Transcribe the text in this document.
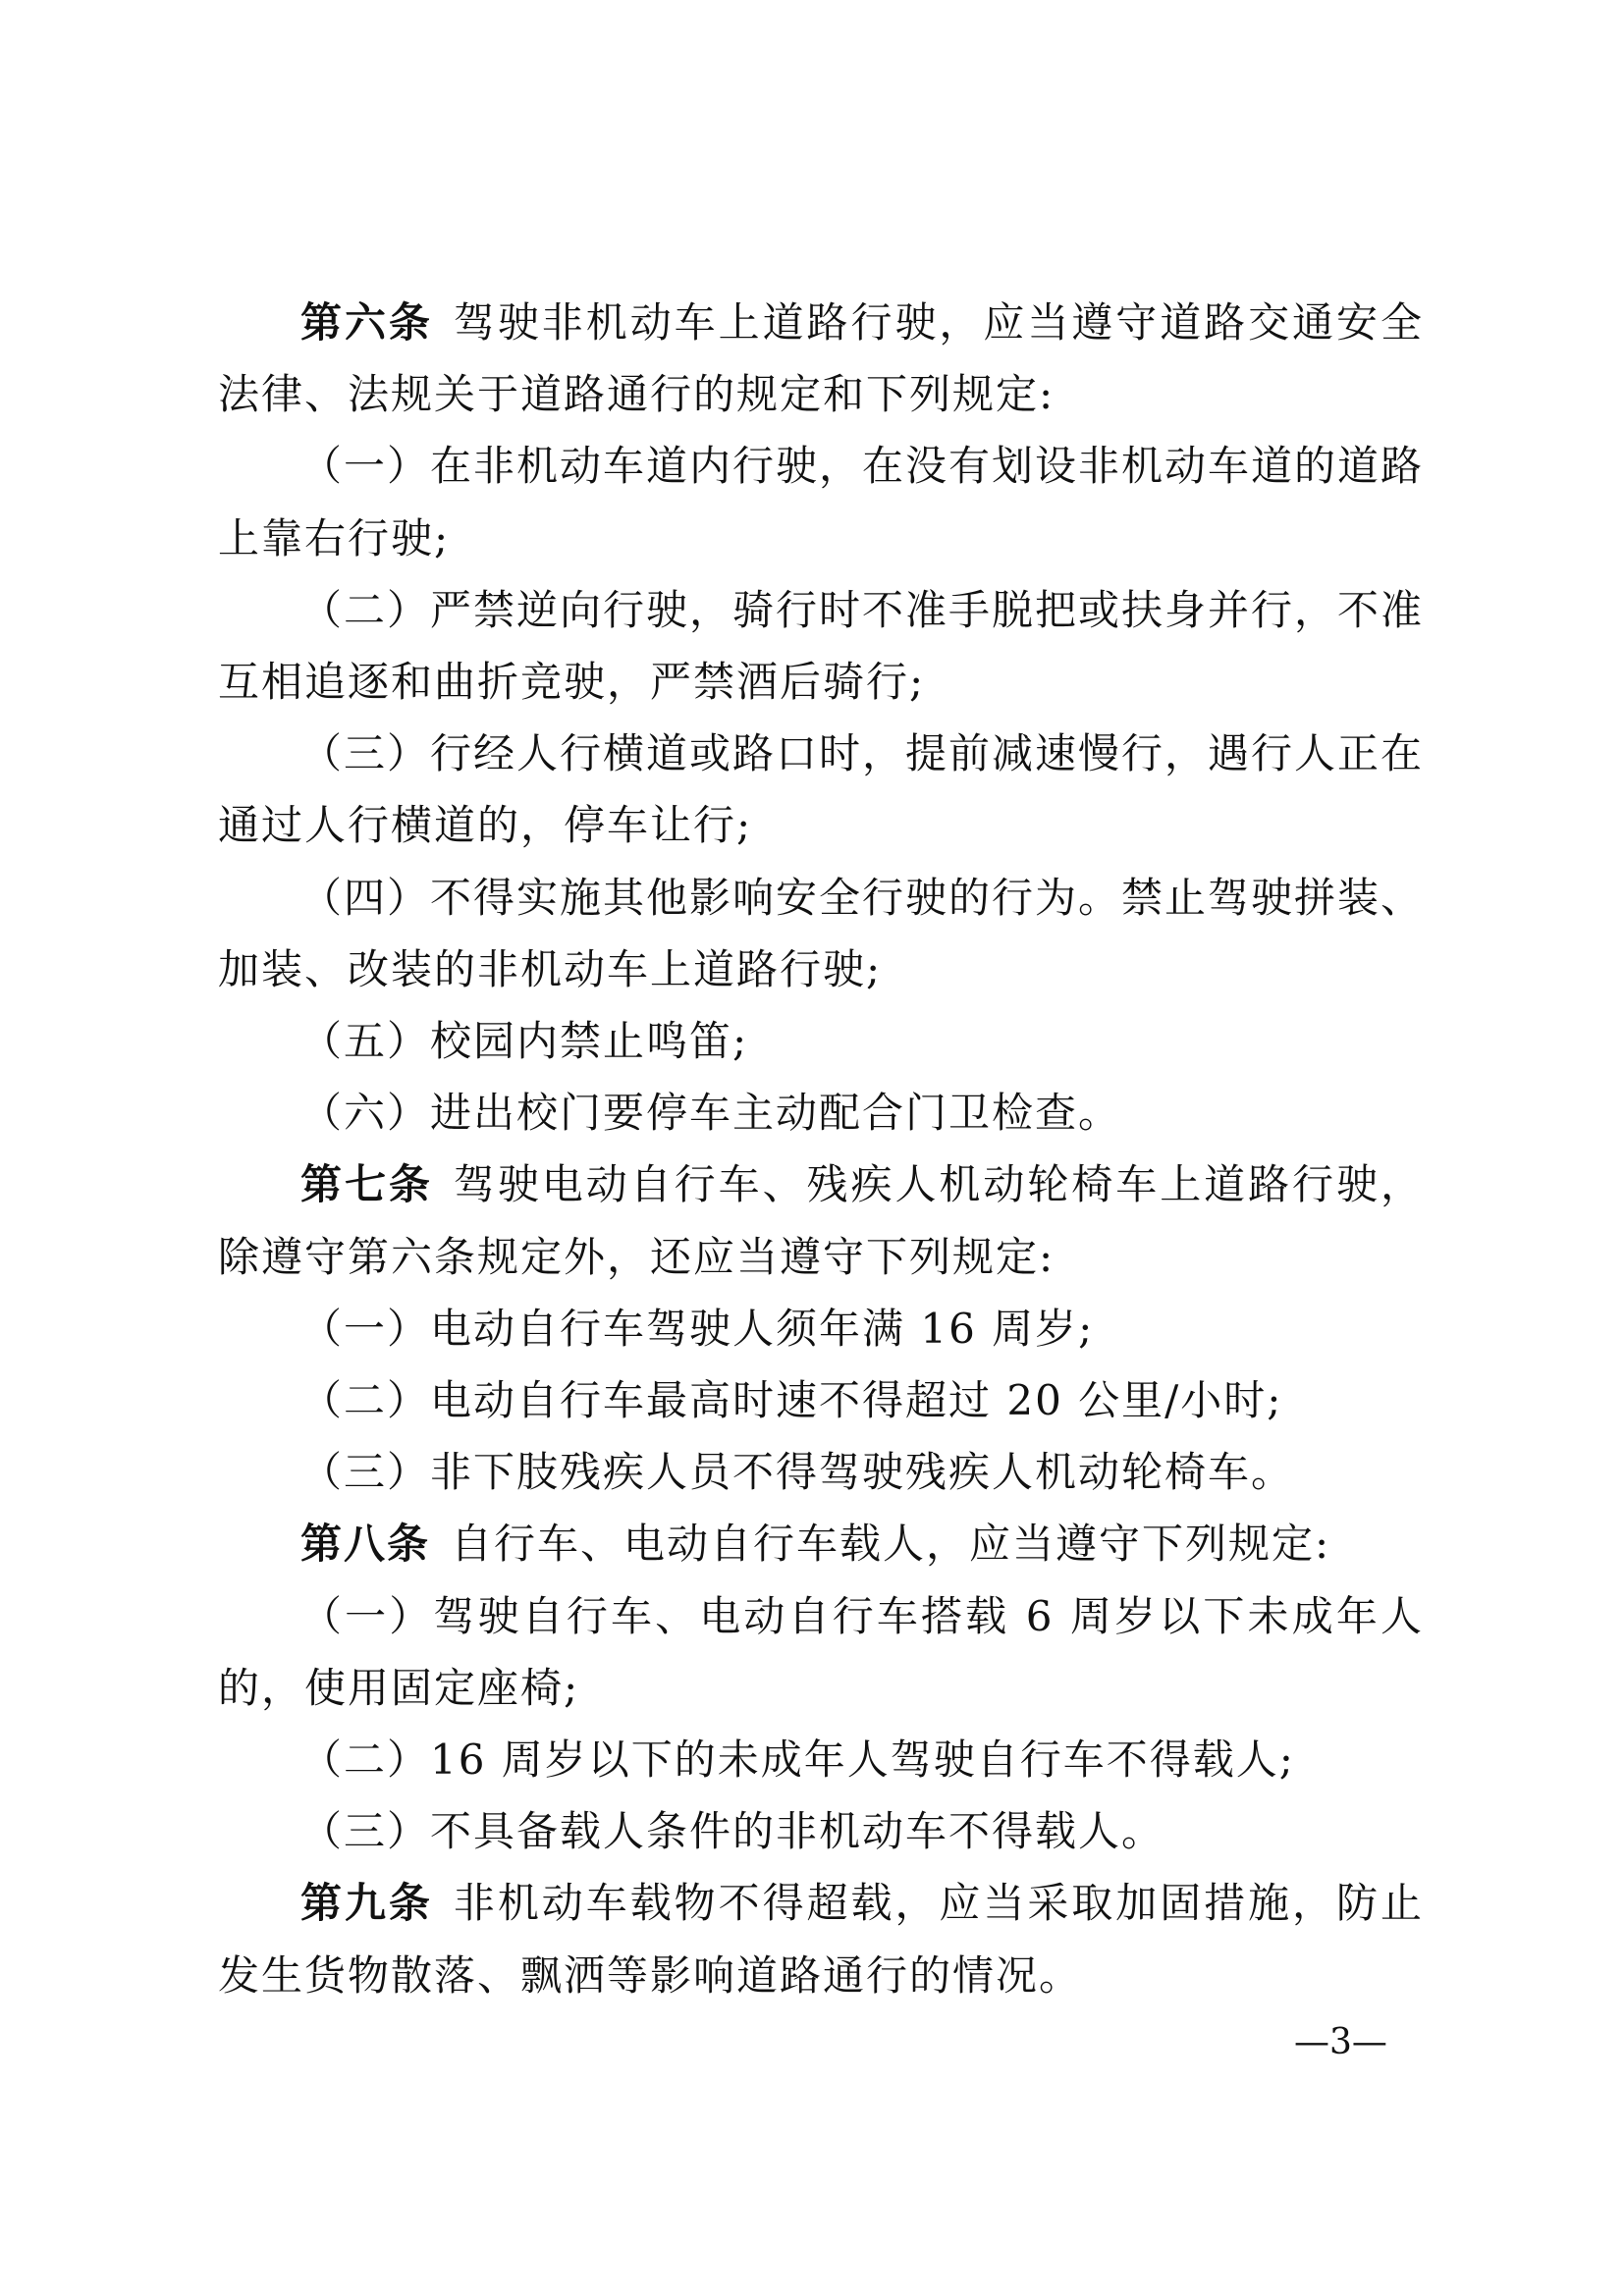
第六条 驾驶非机动车上道路行驶，应当遵守道路交通安全法律、法规关于道路通行的规定和下列规定:

（一）在非机动车道内行驶，在没有划设非机动车道的道路上靠右行驶;

（二）严禁逆向行驶，骑行时不准手脱把或扶身并行，不准互相追逐和曲折竞驶，严禁酒后骑行;

（三）行经人行横道或路口时，提前减速慢行，遇行人正在通过人行横道的，停车让行;

（四）不得实施其他影响安全行驶的行为。禁止驾驶拼装、加装、改装的非机动车上道路行驶;

（五）校园内禁止鸣笛;

（六）进出校门要停车主动配合门卫检查。

第七条 驾驶电动自行车、残疾人机动轮椅车上道路行驶，除遵守第六条规定外，还应当遵守下列规定:

（一）电动自行车驾驶人须年满 16 周岁;

（二）电动自行车最高时速不得超过 20 公里/小时;

（三）非下肢残疾人员不得驾驶残疾人机动轮椅车。

第八条 自行车、电动自行车载人，应当遵守下列规定:

（一）驾驶自行车、电动自行车搭载 6 周岁以下未成年人的，使用固定座椅;

（二）16 周岁以下的未成年人驾驶自行车不得载人;

（三）不具备载人条件的非机动车不得载人。

第九条 非机动车载物不得超载，应当采取加固措施，防止发生货物散落、飘洒等影响道路通行的情况。

—3—
